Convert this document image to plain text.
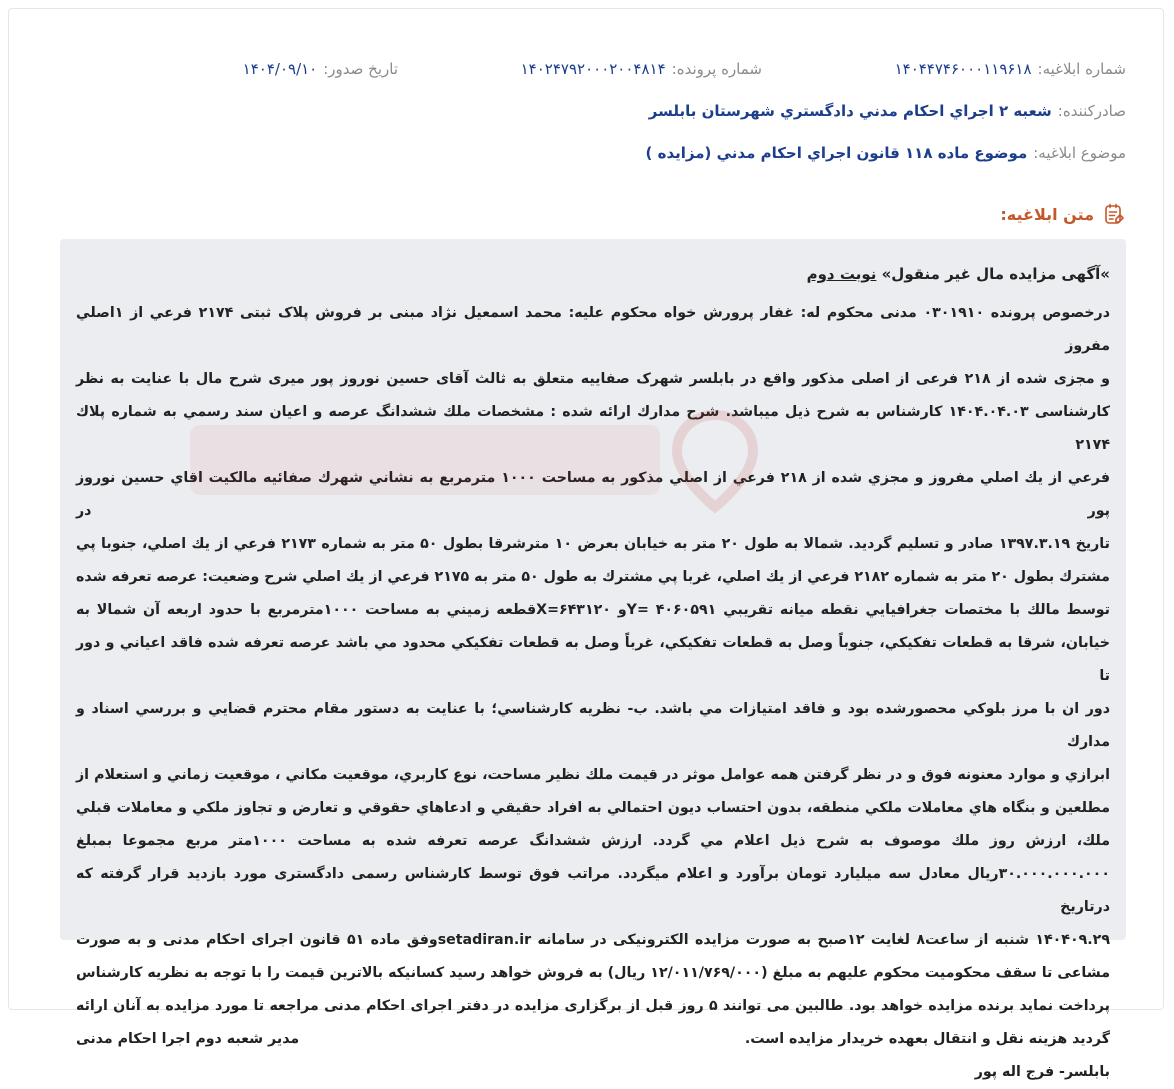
شماره ابلاغیه:
۱۴۰۴۴۷۴۶۰۰۰۱۱۹۶۱۸
شماره پرونده:
۱۴۰۲۴۷۹۲۰۰۰۲۰۰۴۸۱۴
تاریخ صدور:
۱۴۰۴/۰۹/۱۰
صادرکننده:
شعبه ۲ اجراي احكام مدني دادگستري شهرستان بابلسر
موضوع ابلاغیه:
موضوع ماده ۱۱۸ قانون اجراي احكام مدني (مزايده )
متن ابلاغیه:
»آگهی مزایده مال غیر منقول» نوبت دوم
درخصوص پرونده ۰۳۰۱۹۱۰ مدنی محکوم له: غفار پرورش خواه محکوم علیه: محمد اسمعیل نژاد مبنی بر فروش پلاک ثبتی ۲۱۷۴ فرعي از ۱اصلي مفروز
و مجزی شده از ۲۱۸ فرعی از اصلی مذکور واقع در بابلسر شهرک صفاییه متعلق به ثالث آقای حسین نوروز پور میری شرح مال با عنایت به نظر
کارشناسی ۱۴۰۴.۰۴.۰۳ کارشناس به شرح ذیل میباشد. شرح مدارك ارائه شده : مشخصات ملك ششدانگ عرصه و اعيان سند رسمي به شماره پلاك ۲۱۷۴
فرعي از يك اصلي مفروز و مجزي شده از ۲۱۸ فرعي از اصلي مذكور به مساحت ۱۰۰۰ مترمربع به نشاني شهرك صفائيه مالكيت اقاي حسين نوروز پور در
تاريخ ۱۳۹۷.۳.۱۹ صادر و تسليم گرديد. شمالا به طول ۲۰ متر به خيابان بعرض ۱۰ مترشرقا بطول ۵۰ متر به شماره ۲۱۷۳ فرعي از يك اصلي، جنوبا پي
مشترك بطول ۲۰ متر به شماره ۲۱۸۲ فرعي از يك اصلي، غربا پي مشترك به طول ۵۰ متر به ۲۱۷۵ فرعي از يك اصلي شرح وضعيت: عرصه تعرفه شده
توسط مالك با مختصات جغرافيايي نقطه ميانه تقريبي ۴۰۶۰۵۹۱ =Yو ۶۴۳۱۲۰=Xقطعه زميني به مساحت ۱۰۰۰مترمربع با حدود اربعه آن شمالا به
خيابان، شرقا به قطعات تفكيكي، جنوباً وصل به قطعات تفكيكي، غرباً وصل به قطعات تفكيكي محدود مي باشد عرصه تعرفه شده فاقد اعياني و دور تا
دور ان با مرز بلوكي محصورشده بود و فاقد امتيازات مي باشد. ب- نظريه كارشناسي؛ با عنايت به دستور مقام محترم قضايي و بررسي اسناد و مدارك
ابرازي و موارد معنونه فوق و در نظر گرفتن همه عوامل موثر در قيمت ملك نظير مساحت، نوع كاربري، موقعيت مكاني ، موقعيت زماني و استعلام از
مطلعين و بنگاه هاي معاملات ملكي منطقه، بدون احتساب ديون احتمالي به افراد حقيقي و ادعاهاي حقوقي و تعارض و تجاوز ملكي و معاملات قبلي
ملك، ارزش روز ملك موصوف به شرح ذيل اعلام مي گردد. ارزش ششدانگ عرصه تعرفه شده به مساحت ۱۰۰۰متر مربع مجموعا بمبلغ
۳۰.۰۰۰.۰۰۰.۰۰۰ريال معادل سه ميليارد تومان برآورد و اعلام ميگردد. مراتب فوق توسط کارشناس رسمی دادگستری مورد بازدید قرار گرفته که درتاریخ
۱۴۰۴۰۹.۲۹ شنبه از ساعت۸ لغایت ۱۲صبح به صورت مزایده الکترونیکی در سامانه setadiran.irوفق ماده ۵۱ قانون اجرای احکام مدنی و به صورت
مشاعی تا سقف محکومیت محکوم علیهم به مبلغ (۱۲/۰۱۱/۷۶۹/۰۰۰ ریال) به فروش خواهد رسید کسانیکه بالاترین قیمت را با توجه به نظریه کارشناس
پرداخت نماید برنده مزایده خواهد بود. طالبین می توانند ۵ روز قبل از برگزاری مزایده در دفتر اجرای احکام مدنی مراجعه تا مورد مزایده به آنان ارائه
گردید هزینه نقل و انتقال بعهده خریدار مزایده است.
مدیر شعبه دوم اجرا احکام مدنی
بابلسر- فرج اله پور
